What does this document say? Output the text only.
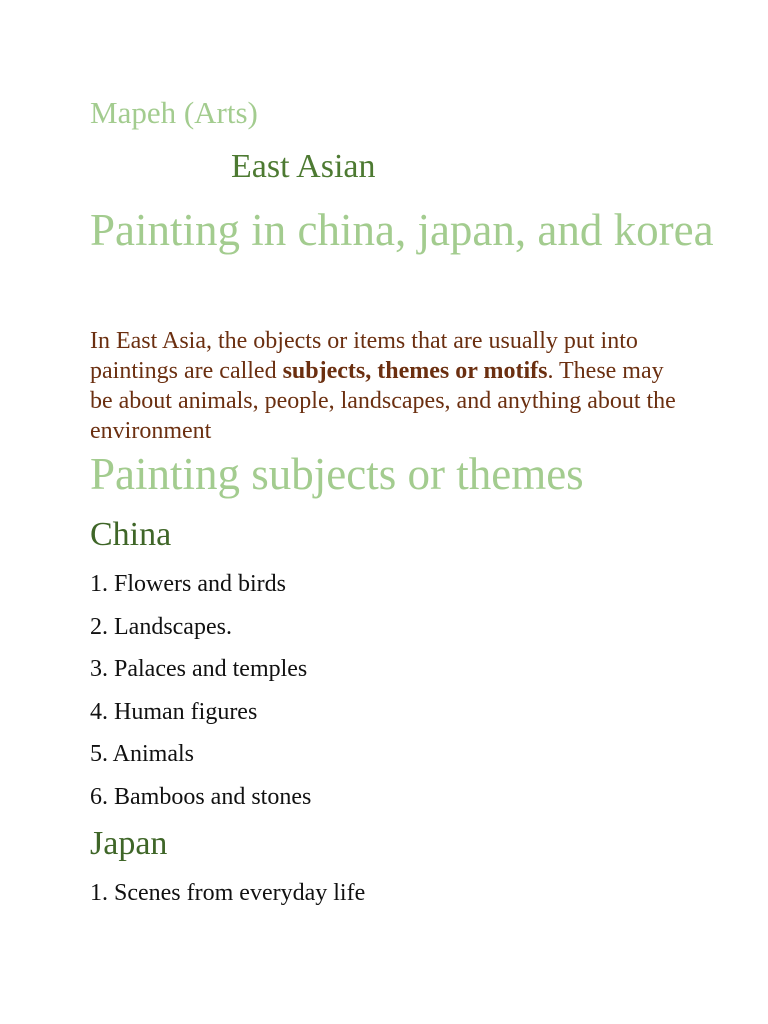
Mapeh (Arts)

East Asian

Painting in china, japan, and korea

In East Asia, the objects or items that are usually put into paintings are called subjects, themes or motifs. These may be about animals, people, landscapes, and anything about the environment

Painting subjects or themes
China

1. Flowers and birds

2. Landscapes.

3. Palaces and temples

4. Human figures

5. Animals

6. Bamboos and stones

Japan

1. Scenes from everyday life
